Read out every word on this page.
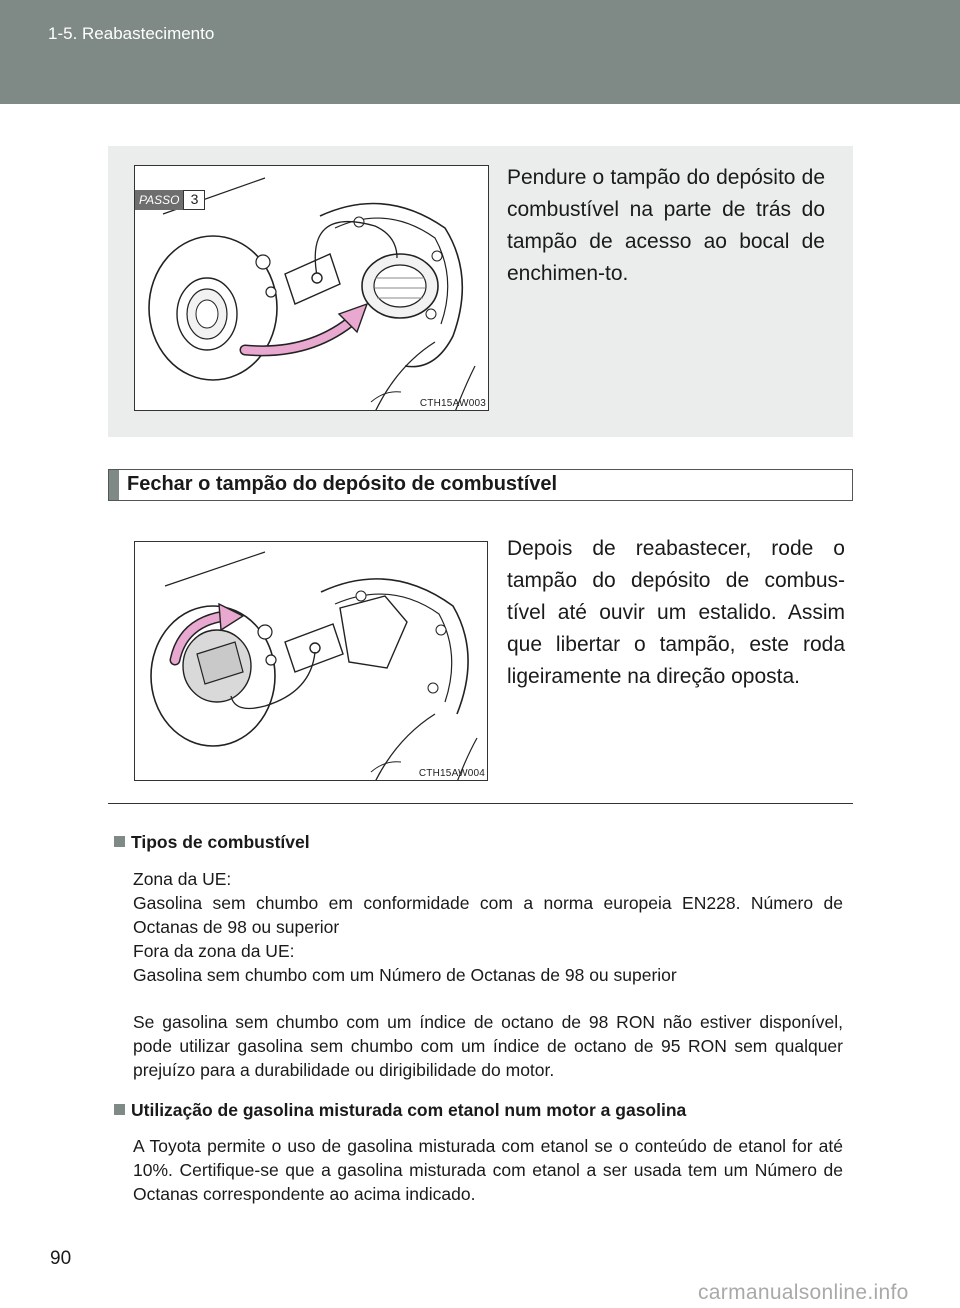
1-5. Reabastecimento
PASSO 3
CTH15AW003
Pendure o tampão do depósito de combustível na parte de trás do tampão de acesso ao bocal de enchimen-to.
Fechar o tampão do depósito de combustível
CTH15AW004
Depois de reabastecer, rode o tampão do depósito de combus-tível até ouvir um estalido. Assim que libertar o tampão, este roda ligeiramente na direção oposta.
Tipos de combustível
Zona da UE:
Gasolina sem chumbo em conformidade com a norma europeia EN228. Número de Octanas de 98 ou superior
Fora da zona da UE:
Gasolina sem chumbo com um Número de Octanas de 98 ou superior
Se gasolina sem chumbo com um índice de octano de 98 RON não estiver disponível, pode utilizar gasolina sem chumbo com um índice de octano de 95 RON sem qualquer prejuízo para a durabilidade ou dirigibilidade do motor.
Utilização de gasolina misturada com etanol num motor a gasolina
A Toyota permite o uso de gasolina misturada com etanol se o conteúdo de etanol for até 10%. Certifique-se que a gasolina misturada com etanol a ser usada tem um Número de Octanas correspondente ao acima indicado.
90
carmanualsonline.info
